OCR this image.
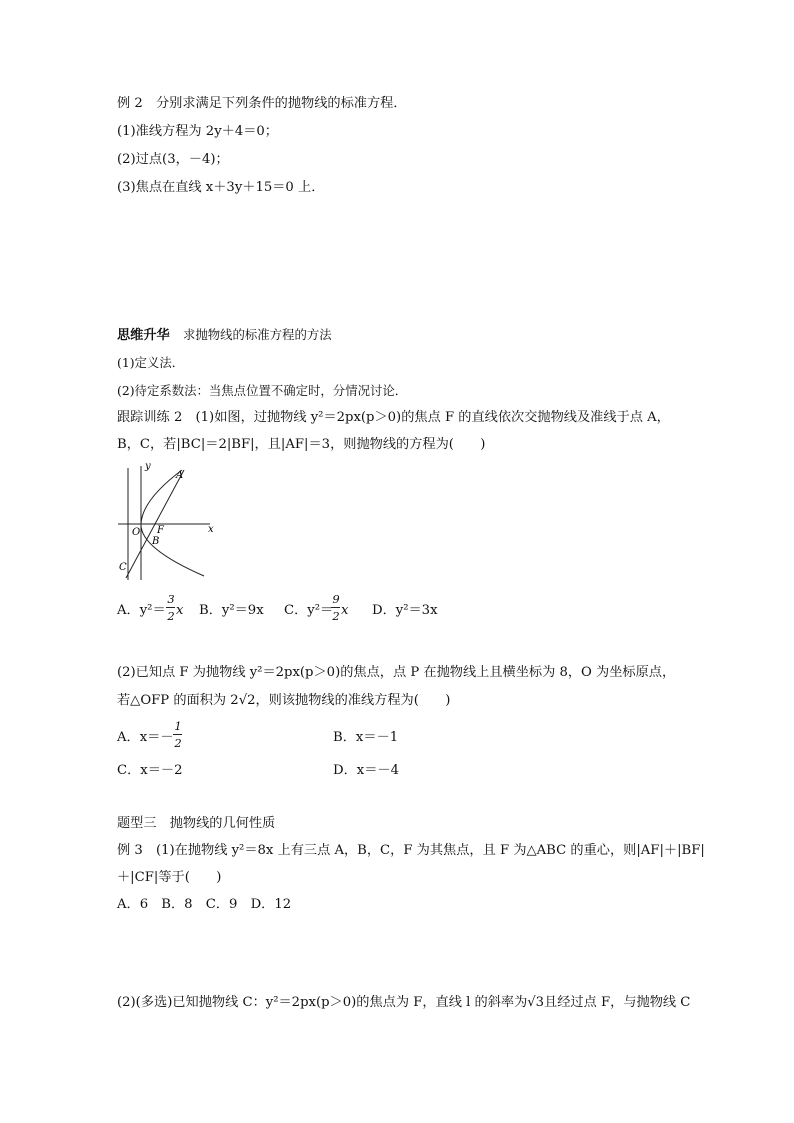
例 2　分别求满足下列条件的抛物线的标准方程．
(1)准线方程为 2y＋4＝0；
(2)过点(3，－4)；
(3)焦点在直线 x＋3y＋15＝0 上．
思维升华　 求抛物线的标准方程的方法
(1)定义法．
(2)待定系数法：当焦点位置不确定时，分情况讨论．
跟踪训练 2　(1)如图，过抛物线 y²＝2px(p＞0)的焦点 F 的直线依次交抛物线及准线于点 A，
B，C，若|BC|＝2|BF|，且|AF|＝3，则抛物线的方程为(　　)
y
x
A
O F
B
C
A．y²＝
3
2 x B．y²＝9x C．y²＝
9
2 x D．y²＝3x
(2)已知点 F 为抛物线 y²＝2px(p＞0)的焦点，点 P 在抛物线上且横坐标为 8，O 为坐标原点，
若△OFP 的面积为 2√2，则该抛物线的准线方程为(　　)
A．x＝－
1
2	B．x＝－1
C．x＝－2	D．x＝－4
题型三　抛物线的几何性质
例 3　(1)在抛物线 y²＝8x 上有三点 A，B，C，F 为其焦点，且 F 为△ABC 的重心，则|AF|＋|BF|
＋|CF|等于(　　)
A．6　B．8　C．9　D．12
(2)(多选)已知抛物线 C：y²＝2px(p＞0)的焦点为 F，直线 l 的斜率为√3且经过点 F，与抛物线 C
